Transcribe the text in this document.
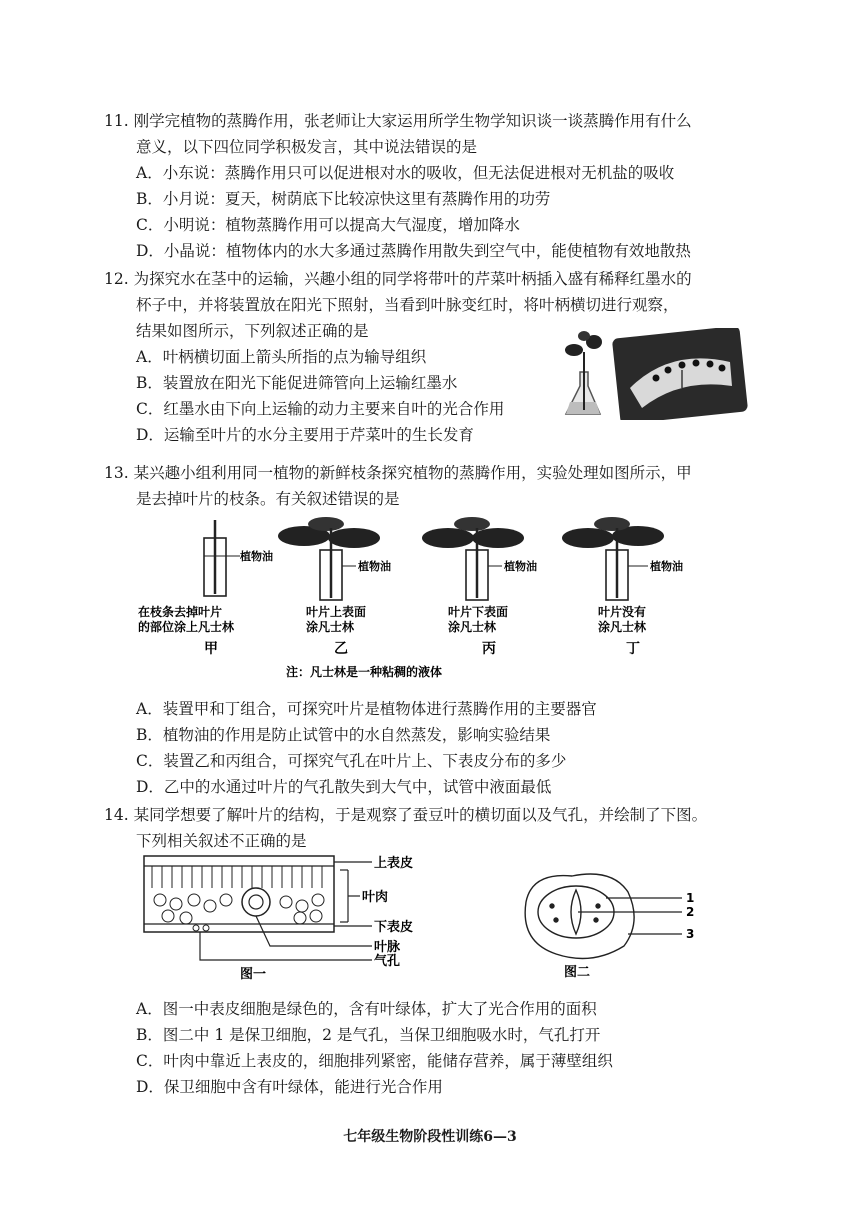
11. 刚学完植物的蒸腾作用，张老师让大家运用所学生物学知识谈一谈蒸腾作用有什么
意义，以下四位同学积极发言，其中说法错误的是
A．小东说：蒸腾作用只可以促进根对水的吸收，但无法促进根对无机盐的吸收
B．小月说：夏天，树荫底下比较凉快这里有蒸腾作用的功劳
C．小明说：植物蒸腾作用可以提高大气湿度，增加降水
D．小晶说：植物体内的水大多通过蒸腾作用散失到空气中，能使植物有效地散热
12. 为探究水在茎中的运输，兴趣小组的同学将带叶的芹菜叶柄插入盛有稀释红墨水的
杯子中，并将装置放在阳光下照射，当看到叶脉变红时，将叶柄横切进行观察，
结果如图所示，下列叙述正确的是
A．叶柄横切面上箭头所指的点为输导组织
B．装置放在阳光下能促进筛管向上运输红墨水
C．红墨水由下向上运输的动力主要来自叶的光合作用
D．运输至叶片的水分主要用于芹菜叶的生长发育
13. 某兴趣小组利用同一植物的新鲜枝条探究植物的蒸腾作用，实验处理如图所示，甲
是去掉叶片的枝条。有关叙述错误的是
植物油
在枝条去掉叶片
的部位涂上凡士林
甲
植物油
叶片上表面
涂凡士林
乙
植物油
叶片下表面
涂凡士林
丙
植物油
叶片没有
涂凡士林
丁
注：凡士林是一种粘稠的液体
A．装置甲和丁组合，可探究叶片是植物体进行蒸腾作用的主要器官
B．植物油的作用是防止试管中的水自然蒸发，影响实验结果
C．装置乙和丙组合，可探究气孔在叶片上、下表皮分布的多少
D．乙中的水通过叶片的气孔散失到大气中，试管中液面最低
14. 某同学想要了解叶片的结构，于是观察了蚕豆叶的横切面以及气孔，并绘制了下图。
下列相关叙述不正确的是
上表皮
叶肉
下表皮
叶脉
气孔
图一
1
2
3
图二
A．图一中表皮细胞是绿色的，含有叶绿体，扩大了光合作用的面积
B．图二中 1 是保卫细胞，2 是气孔，当保卫细胞吸水时，气孔打开
C．叶肉中靠近上表皮的，细胞排列紧密，能储存营养，属于薄壁组织
D．保卫细胞中含有叶绿体，能进行光合作用
七年级生物阶段性训练6—3
